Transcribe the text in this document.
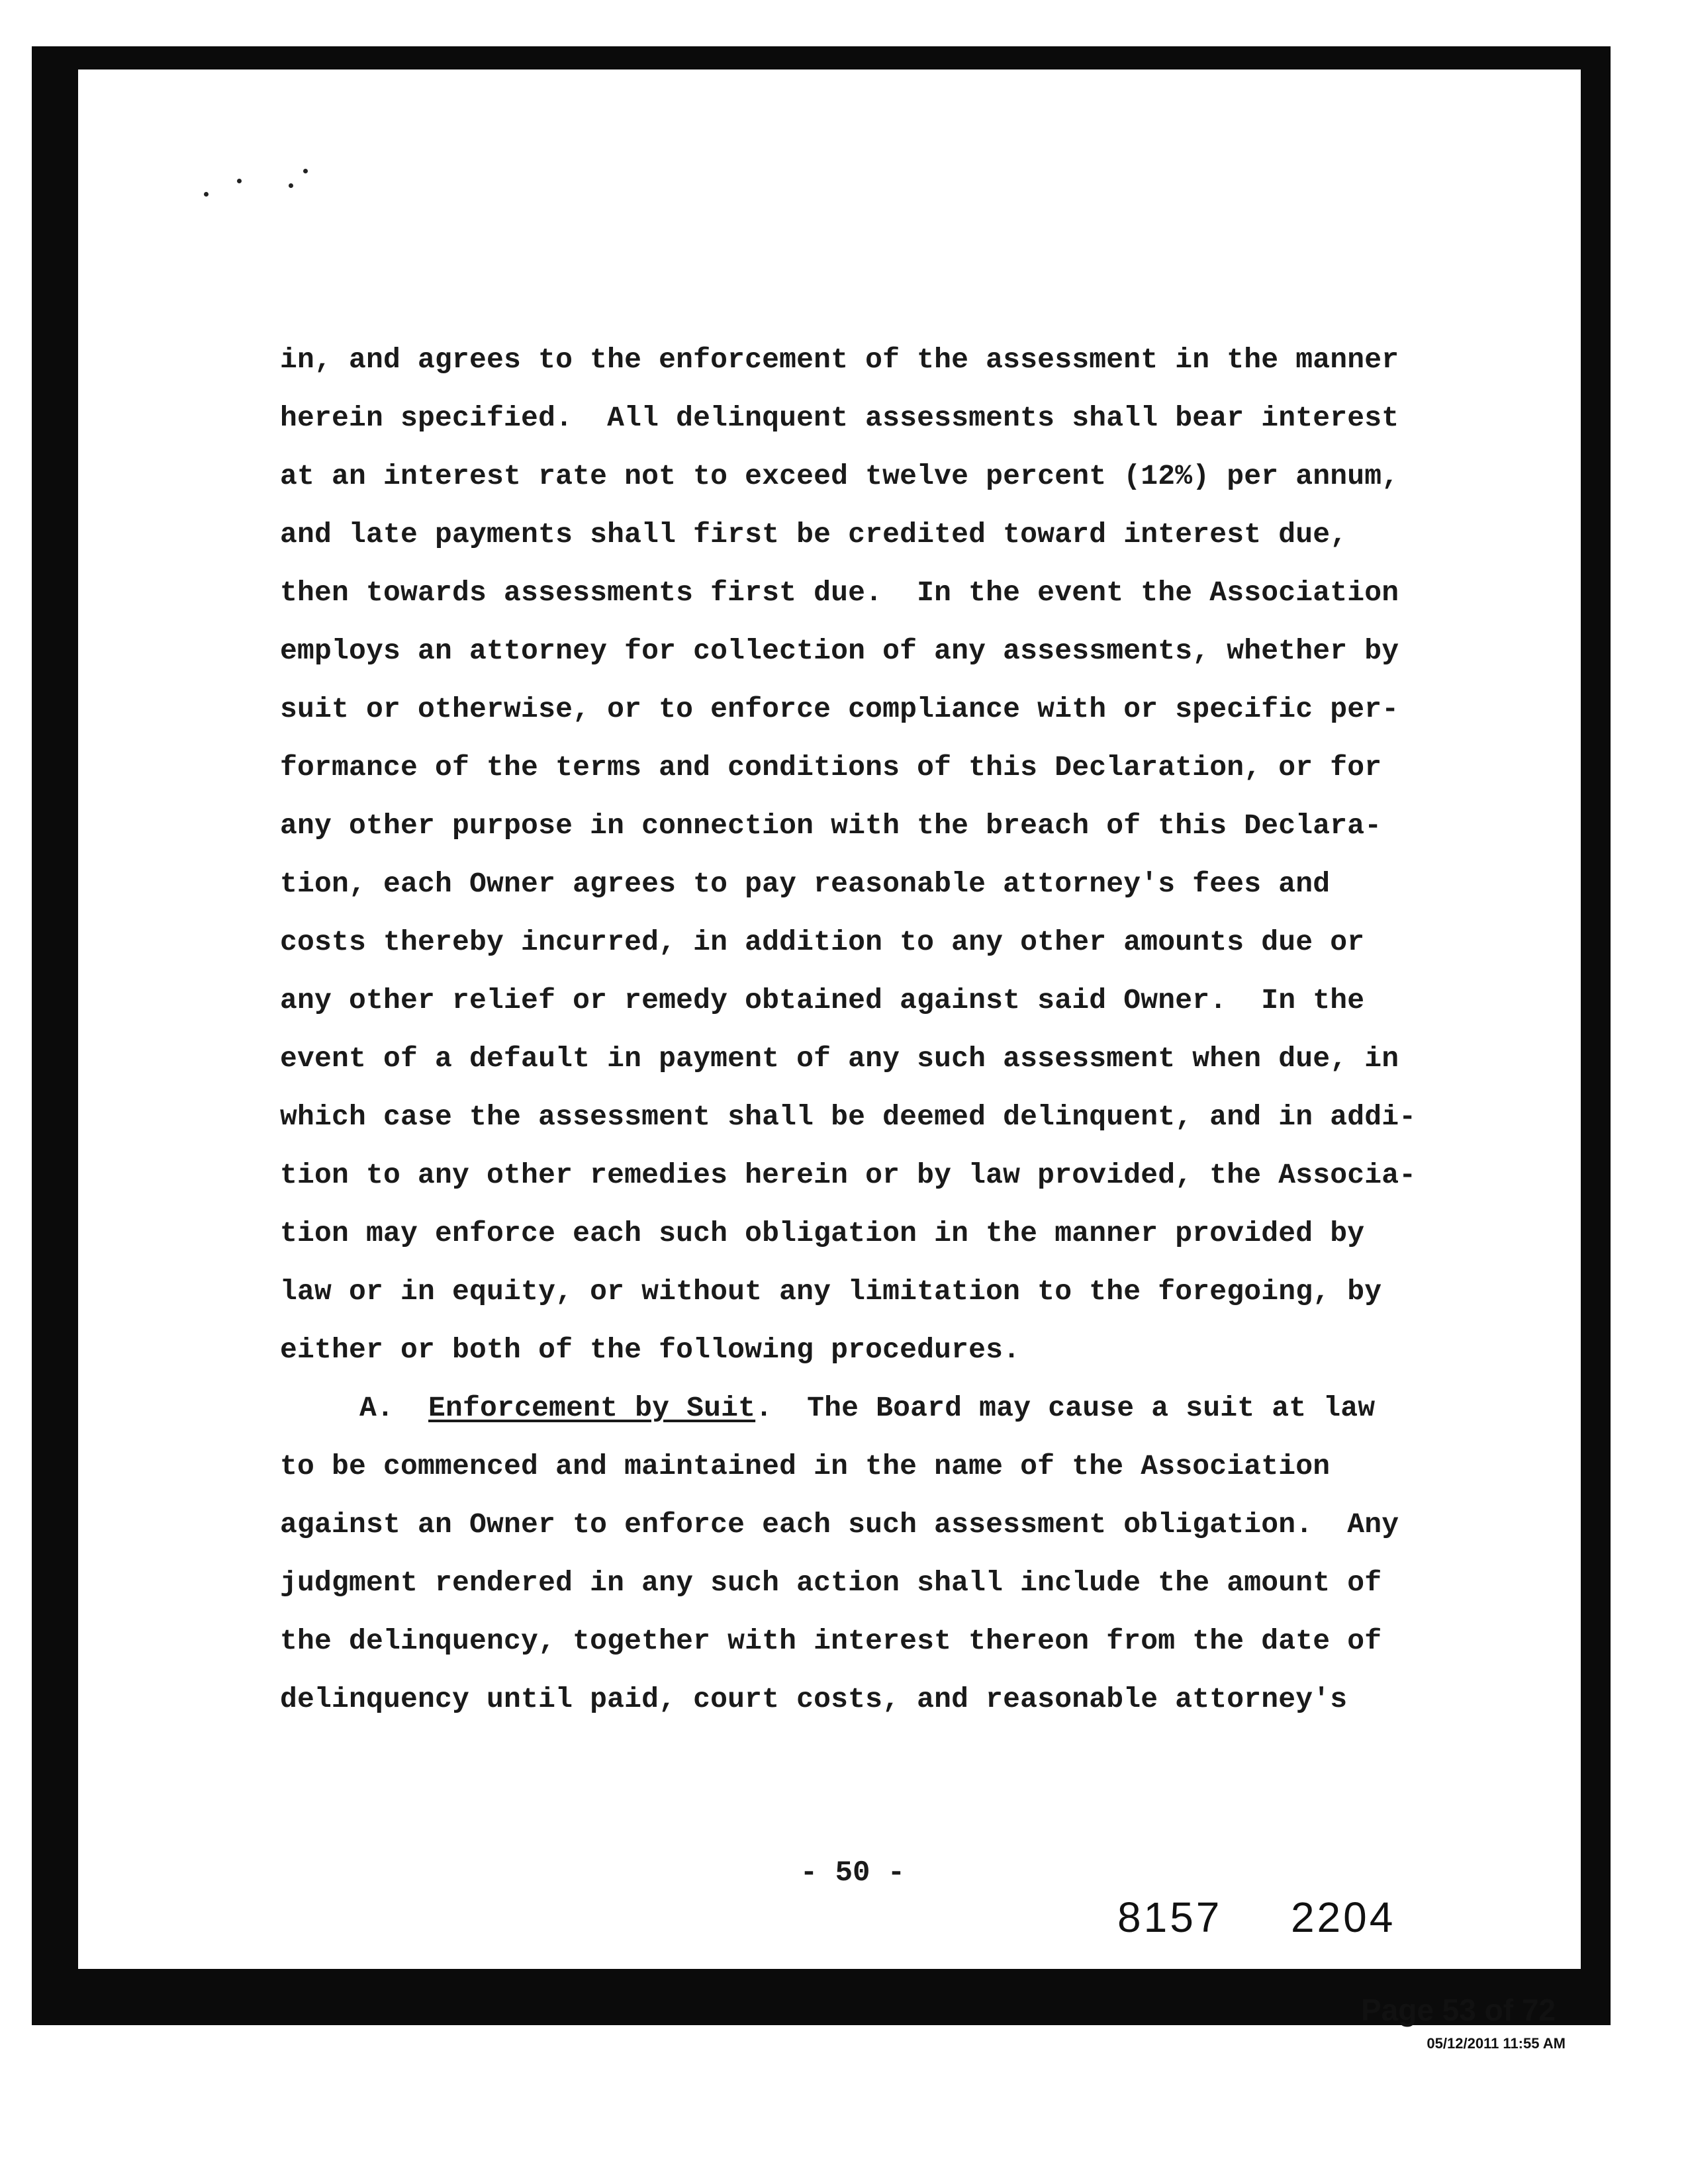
in, and agrees to the enforcement of the assessment in the manner
herein specified.  All delinquent assessments shall bear interest
at an interest rate not to exceed twelve percent (12%) per annum,
and late payments shall first be credited toward interest due,
then towards assessments first due.  In the event the Association
employs an attorney for collection of any assessments, whether by
suit or otherwise, or to enforce compliance with or specific per-
formance of the terms and conditions of this Declaration, or for
any other purpose in connection with the breach of this Declara-
tion, each Owner agrees to pay reasonable attorney's fees and
costs thereby incurred, in addition to any other amounts due or
any other relief or remedy obtained against said Owner.  In the
event of a default in payment of any such assessment when due, in
which case the assessment shall be deemed delinquent, and in addi-
tion to any other remedies herein or by law provided, the Associa-
tion may enforce each such obligation in the manner provided by
law or in equity, or without any limitation to the foregoing, by
either or both of the following procedures.
A. Enforcement by Suit.  The Board may cause a suit at law
to be commenced and maintained in the name of the Association
against an Owner to enforce each such assessment obligation.  Any
judgment rendered in any such action shall include the amount of
the delinquency, together with interest thereon from the date of
delinquency until paid, court costs, and reasonable attorney's
- 50 -
8157  2204
Page 53 of 72
05/12/2011 11:55 AM
